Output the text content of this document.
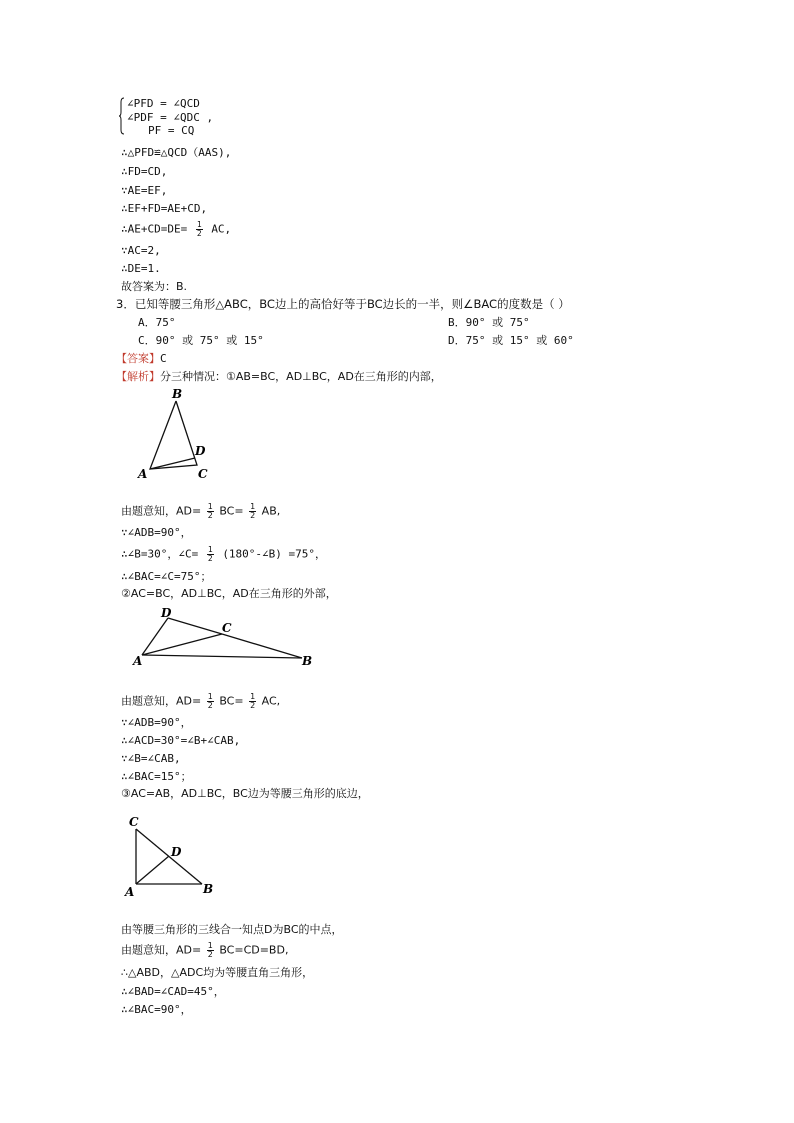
∠PFD = ∠QCD
∠PDF = ∠QDC ,
PF = CQ
∴△PFD≌△QCD（AAS),
∴FD=CD,
∵AE=EF,
∴EF+FD=AE+CD,
∴AE+CD=DE= $\frac{1}{2}$ AC,
∵AC=2,
∴DE=1.
故答案为：B.
3．已知等腰三角形△ABC，BC边上的高恰好等于BC边长的一半，则∠BAC的度数是（ ）
A．75°	B．90° 或 75°
C．90° 或 75° 或 15°	D．75° 或 15° 或 60°
【答案】C
【解析】分三种情况：①AB=BC，AD⊥BC，AD在三角形的内部，
B
D
A	C
由题意知，$AD= \frac{1}{2} BC= \frac{1}{2}$ AB,
∵∠ADB=90°，
∴∠B=30°，∠C= $\frac{1}{2}$ (180°-∠B) =75°，
∴∠BAC=∠C=75°；
②AC=BC，AD⊥BC，AD在三角形的外部，
D
C
A	B
由题意知，$AD= \frac{1}{2} BC= \frac{1}{2}$ AC,
∵∠ADB=90°，
∴∠ACD=30°=∠B+∠CAB,
∵∠B=∠CAB,
∴∠BAC=15°；
③AC=AB，AD⊥BC，BC边为等腰三角形的底边，
C
D
A	B
由等腰三角形的三线合一知点D为BC的中点，
由题意知，$AD= \frac{1}{2} BC=CD=BD$,
∴△ABD，△ADC均为等腰直角三角形，
∴∠BAD=∠CAD=45°，
∴∠BAC=90°，
